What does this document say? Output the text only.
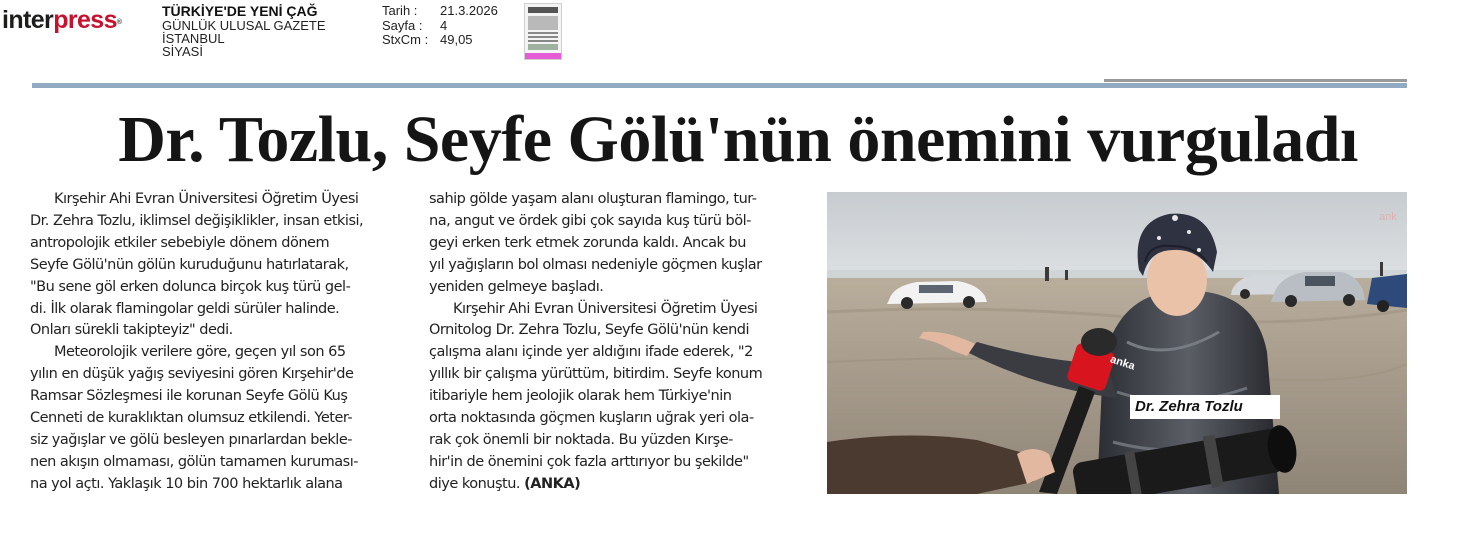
interpress®
TÜRKİYE'DE YENİ ÇAĞ
GÜNLÜK ULUSAL GAZETE
İSTANBUL
SİYASİ
Tarih : 21.3.2026
Sayfa : 4
StxCm : 49,05
Dr. Tozlu, Seyfe Gölü'nün önemini vurguladı
Kırşehir Ahi Evran Üniversitesi Öğretim Üyesi
Dr. Zehra Tozlu, iklimsel değişiklikler, insan etkisi,
antropolojik etkiler sebebiyle dönem dönem
Seyfe Gölü'nün gölün kuruduğunu hatırlatarak,
"Bu sene göl erken dolunca birçok kuş türü gel-
di. İlk olarak flamingolar geldi sürüler halinde.
Onları sürekli takipteyiz" dedi.
Meteorolojik verilere göre, geçen yıl son 65
yılın en düşük yağış seviyesini gören Kırşehir'de
Ramsar Sözleşmesi ile korunan Seyfe Gölü Kuş
Cenneti de kuraklıktan olumsuz etkilendi. Yeter-
siz yağışlar ve gölü besleyen pınarlardan bekle-
nen akışın olmaması, gölün tamamen kuruması-
na yol açtı. Yaklaşık 10 bin 700 hektarlık alana
sahip gölde yaşam alanı oluşturan flamingo, tur-
na, angut ve ördek gibi çok sayıda kuş türü böl-
geyi erken terk etmek zorunda kaldı. Ancak bu
yıl yağışların bol olması nedeniyle göçmen kuşlar
yeniden gelmeye başladı.
Kırşehir Ahi Evran Üniversitesi Öğretim Üyesi
Ornitolog Dr. Zehra Tozlu, Seyfe Gölü'nün kendi
çalışma alanı içinde yer aldığını ifade ederek, "2
yıllık bir çalışma yürüttüm, bitirdim. Seyfe konum
itibariyle hem jeolojik olarak hem Türkiye'nin
orta noktasında göçmen kuşların uğrak yeri ola-
rak çok önemli bir noktada. Bu yüzden Kırşe-
hir'in de önemini çok fazla arttırıyor bu şekilde"
diye konuştu. (ANKA)
ank
anka
Dr. Zehra Tozlu
